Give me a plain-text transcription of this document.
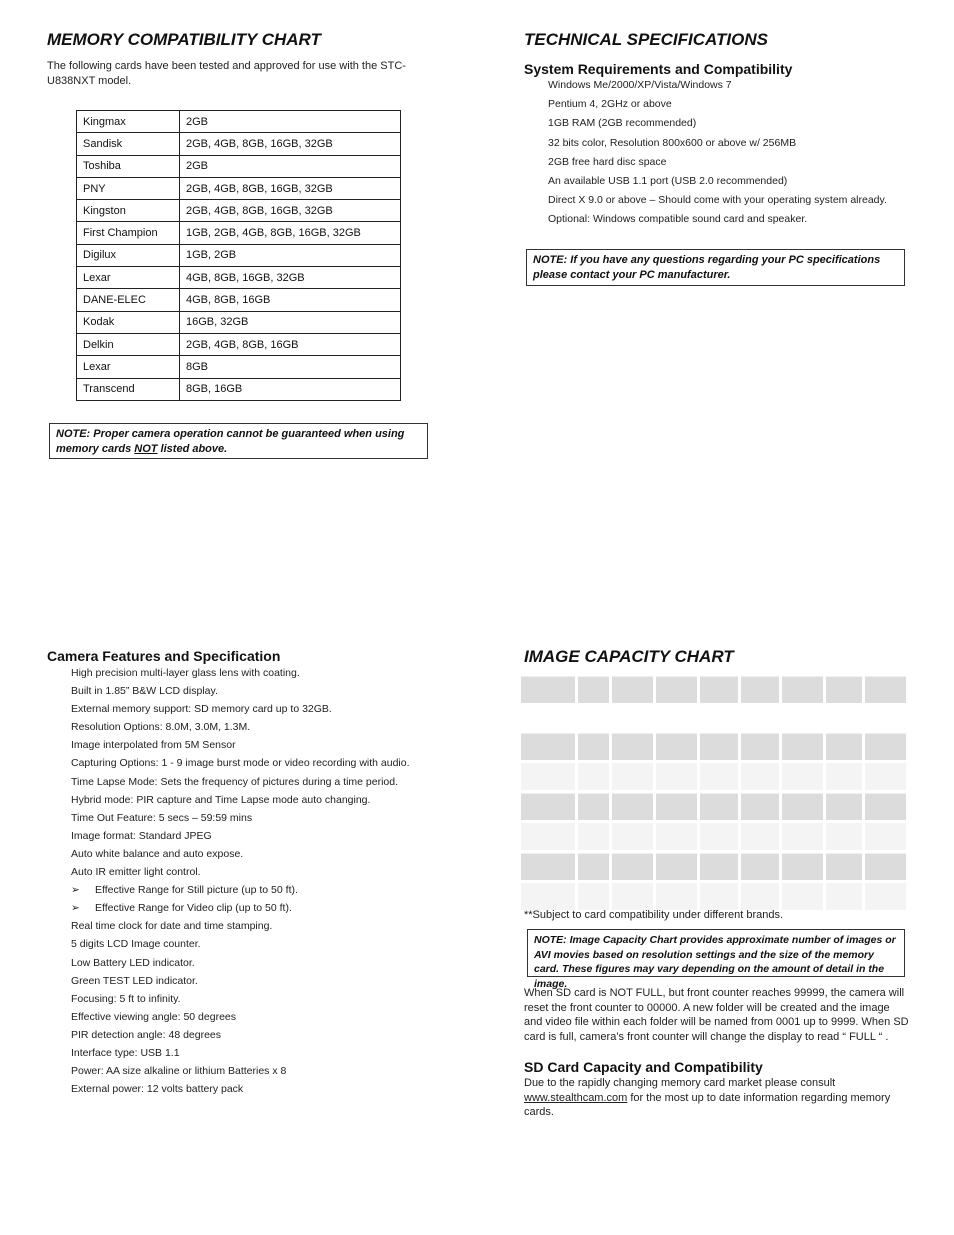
MEMORY COMPATIBILITY CHART
The following cards have been tested and approved for use with the STC-U838NXT model.
Kingmax	2GB
Sandisk	2GB, 4GB, 8GB, 16GB, 32GB
Toshiba	2GB
PNY	2GB, 4GB, 8GB, 16GB, 32GB
Kingston	2GB, 4GB, 8GB, 16GB, 32GB
First Champion	1GB, 2GB, 4GB, 8GB, 16GB, 32GB
Digilux	1GB, 2GB
Lexar	4GB, 8GB, 16GB, 32GB
DANE-ELEC	4GB, 8GB, 16GB
Kodak	16GB, 32GB
Delkin	2GB, 4GB, 8GB, 16GB
Lexar	8GB
Transcend	8GB, 16GB
NOTE: Proper camera operation cannot be guaranteed when using memory cards NOT listed above.
TECHNICAL SPECIFICATIONS
System Requirements and Compatibility
Windows Me/2000/XP/Vista/Windows 7
Pentium 4, 2GHz or above
1GB RAM (2GB recommended)
32 bits color, Resolution 800x600 or above w/ 256MB
2GB free hard disc space
An available USB 1.1 port (USB 2.0 recommended)
Direct X 9.0 or above – Should come with your operating system already.
Optional: Windows compatible sound card and speaker.
NOTE: If you have any questions regarding your PC specifications please contact your PC manufacturer.
Camera Features and Specification
High precision multi-layer glass lens with coating.
Built in 1.85” B&W LCD display.
External memory support: SD memory card up to 32GB.
Resolution Options: 8.0M, 3.0M, 1.3M.
Image interpolated from 5M Sensor
Capturing Options: 1 - 9 image burst mode or video recording with audio.
Time Lapse Mode: Sets the frequency of pictures during a time period.
Hybrid mode: PIR capture and Time Lapse mode auto changing.
Time Out Feature: 5 secs – 59:59 mins
Image format: Standard JPEG
Auto white balance and auto expose.
Auto IR emitter light control.
➢ Effective Range for Still picture (up to 50 ft).
➢ Effective Range for Video clip (up to 50 ft).
Real time clock for date and time stamping.
5 digits LCD Image counter.
Low Battery LED indicator.
Green TEST LED indicator.
Focusing: 5 ft to infinity.
Effective viewing angle: 50 degrees
PIR detection angle: 48 degrees
Interface type: USB 1.1
Power: AA size alkaline or lithium Batteries x 8
External power: 12 volts battery pack
IMAGE CAPACITY CHART
**Subject to card compatibility under different brands.
NOTE: Image Capacity Chart provides approximate number of images or AVI movies based on resolution settings and the size of the memory card. These figures may vary depending on the amount of detail in the image.
When SD card is NOT FULL, but front counter reaches 99999, the camera will reset the front counter to 00000. A new folder will be created and the image and video file within each folder will be named from 0001 up to 9999. When SD card is full, camera’s front counter will change the display to read “ FULL “ .
SD Card Capacity and Compatibility
Due to the rapidly changing memory card market please consult www.stealthcam.com for the most up to date information regarding memory cards.
